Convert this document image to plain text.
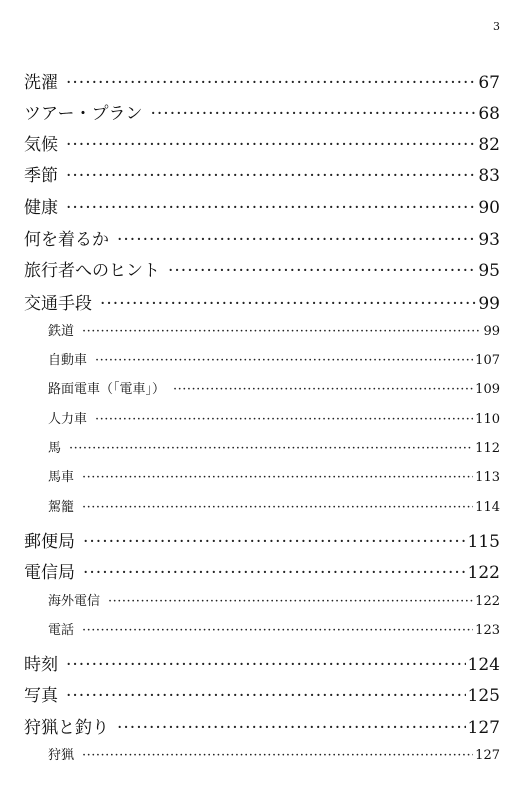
3
洗濯 ·····	67
ツアー・プラン ·····	68
気候 ·····	82
季節 ·····	83
健康 ·····	90
何を着るか ·····	93
旅行者へのヒント ·····	95
交通手段 ·····	99
鉄道 ·····	99
自動車 ·····	107
路面電車（「電車」） ·····	109
人力車 ·····	110
馬 ·····	112
馬車 ·····	113
駕籠 ·····	114
郵便局 ·····	115
電信局 ·····	122
海外電信 ·····	122
電話 ·····	123
時刻 ·····	124
写真 ·····	125
狩猟と釣り ·····	127
狩猟 ·····	127
